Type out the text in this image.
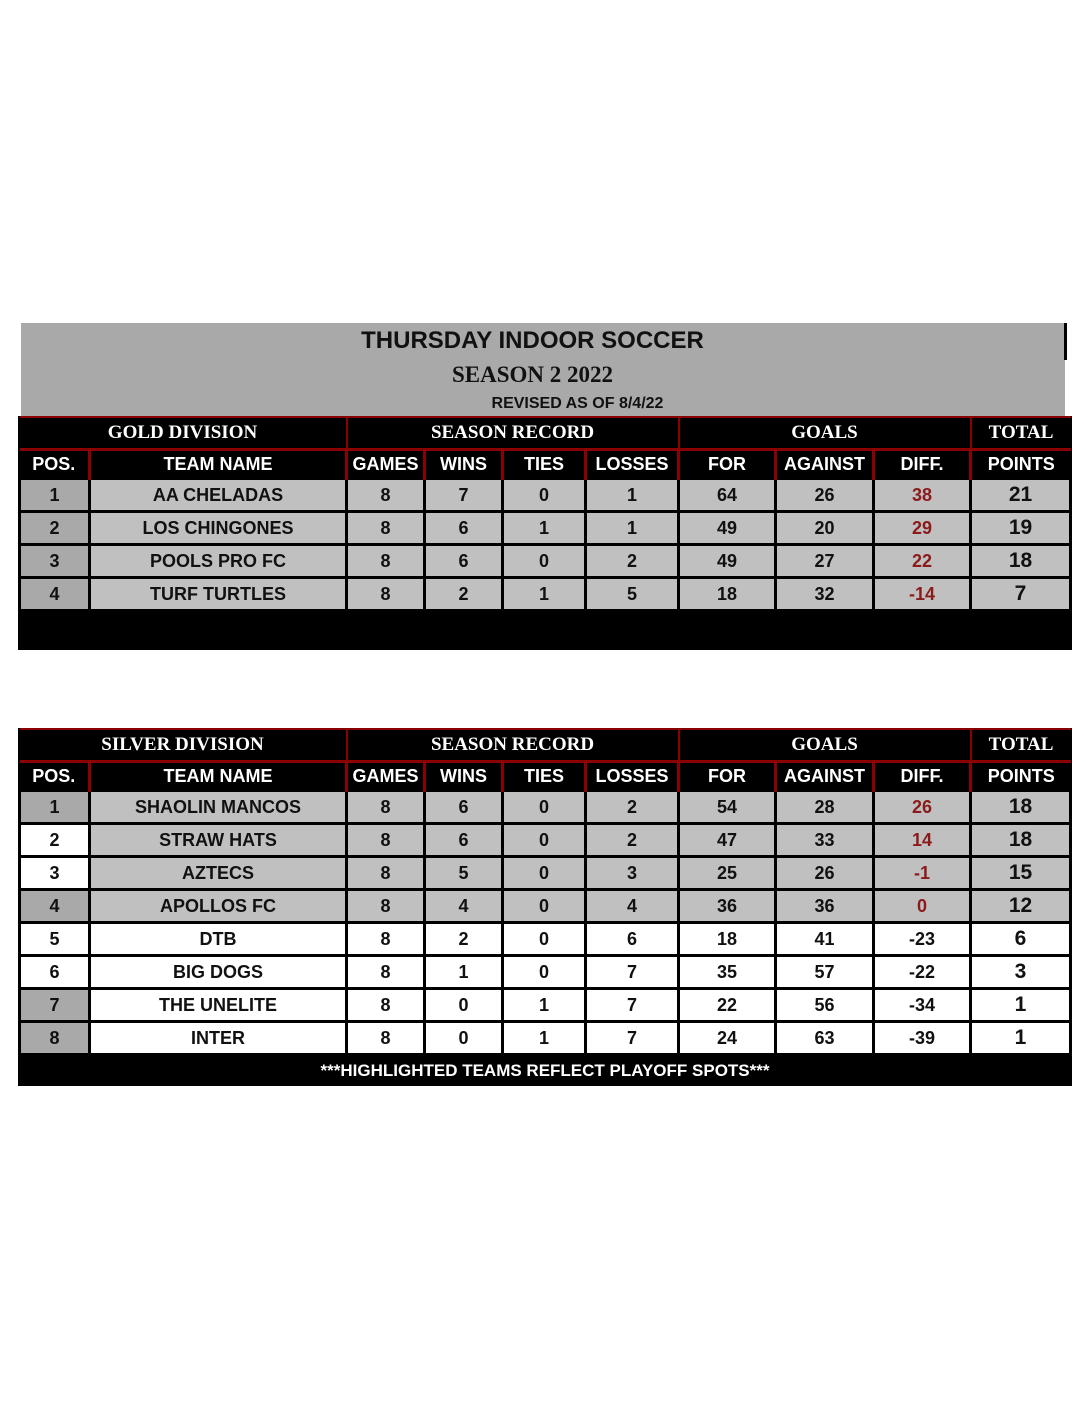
THURSDAY INDOOR SOCCER
SEASON 2 2022
REVISED AS OF 8/4/22
GOLD DIVISION		SEASON RECORD				GOALS			TOTAL
POS.	TEAM NAME	GAMES	WINS	TIES	LOSSES	FOR	AGAINST	DIFF.	POINTS
1	AA CHELADAS	8	7	0	1	64	26	38	21
2	LOS CHINGONES	8	6	1	1	49	20	29	19
3	POOLS PRO FC	8	6	0	2	49	27	22	18
4	TURF TURTLES	8	2	1	5	18	32	-14	7

SILVER DIVISION		SEASON RECORD				GOALS			TOTAL
POS.	TEAM NAME	GAMES	WINS	TIES	LOSSES	FOR	AGAINST	DIFF.	POINTS
1	SHAOLIN MANCOS	8	6	0	2	54	28	26	18
2	STRAW HATS	8	6	0	2	47	33	14	18
3	AZTECS	8	5	0	3	25	26	-1	15
4	APOLLOS FC	8	4	0	4	36	36	0	12
5	DTB	8	2	0	6	18	41	-23	6
6	BIG DOGS	8	1	0	7	35	57	-22	3
7	THE UNELITE	8	0	1	7	22	56	-34	1
8	INTER	8	0	1	7	24	63	-39	1
***HIGHLIGHTED TEAMS REFLECT PLAYOFF SPOTS***									
